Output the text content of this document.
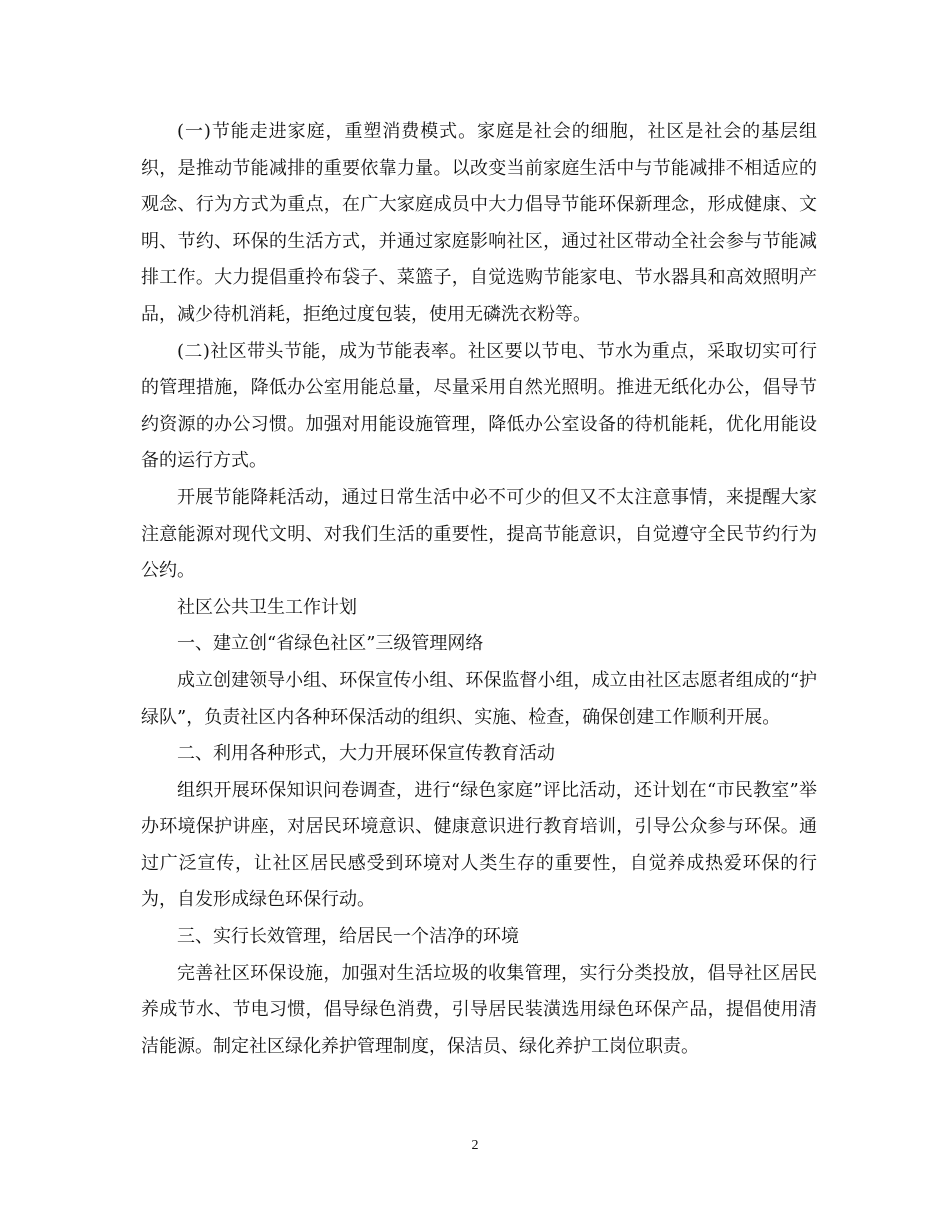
(一)节能走进家庭，重塑消费模式。家庭是社会的细胞，社区是社会的基层组织，是推动节能减排的重要依靠力量。以改变当前家庭生活中与节能减排不相适应的观念、行为方式为重点，在广大家庭成员中大力倡导节能环保新理念，形成健康、文明、节约、环保的生活方式，并通过家庭影响社区，通过社区带动全社会参与节能减排工作。大力提倡重拎布袋子、菜篮子，自觉选购节能家电、节水器具和高效照明产品，减少待机消耗，拒绝过度包装，使用无磷洗衣粉等。

(二)社区带头节能，成为节能表率。社区要以节电、节水为重点，采取切实可行的管理措施，降低办公室用能总量，尽量采用自然光照明。推进无纸化办公，倡导节约资源的办公习惯。加强对用能设施管理，降低办公室设备的待机能耗，优化用能设备的运行方式。

开展节能降耗活动，通过日常生活中必不可少的但又不太注意事情，来提醒大家注意能源对现代文明、对我们生活的重要性，提高节能意识，自觉遵守全民节约行为公约。

社区公共卫生工作计划

一、建立创“省绿色社区”三级管理网络

成立创建领导小组、环保宣传小组、环保监督小组，成立由社区志愿者组成的“护绿队”，负责社区内各种环保活动的组织、实施、检查，确保创建工作顺利开展。

二、利用各种形式，大力开展环保宣传教育活动

组织开展环保知识问卷调查，进行“绿色家庭”评比活动，还计划在“市民教室”举办环境保护讲座，对居民环境意识、健康意识进行教育培训，引导公众参与环保。通过广泛宣传，让社区居民感受到环境对人类生存的重要性，自觉养成热爱环保的行为，自发形成绿色环保行动。

三、实行长效管理，给居民一个洁净的环境

完善社区环保设施，加强对生活垃圾的收集管理，实行分类投放，倡导社区居民养成节水、节电习惯，倡导绿色消费，引导居民装潢选用绿色环保产品，提倡使用清洁能源。制定社区绿化养护管理制度，保洁员、绿化养护工岗位职责。

2
